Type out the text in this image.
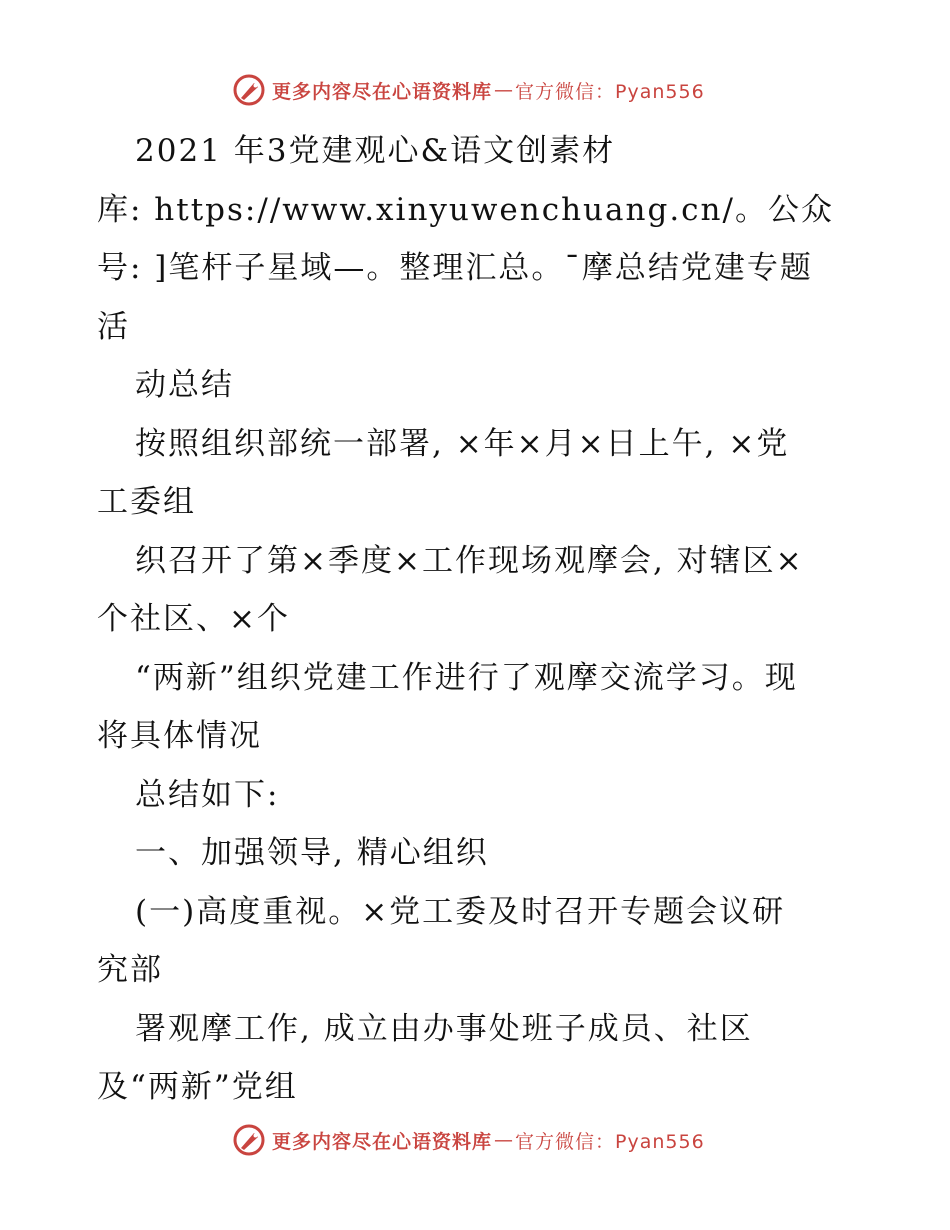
更多内容尽在心语资料库 — 官方微信：Pyan556
2021 年3党建观心&语文创素材
库: https://www.xinyuwenchuang.cn/。公众
号: ]笔杆子星域—。整理汇总。¯摩总结党建专题
活
动总结
按照组织部统一部署, ×年×月×日上午, ×党
工委组
织召开了第×季度×工作现场观摩会, 对辖区×
个社区、×个
“两新”组织党建工作进行了观摩交流学习。现
将具体情况
总结如下:
一、加强领导, 精心组织
(一)高度重视。×党工委及时召开专题会议研
究部
署观摩工作, 成立由办事处班子成员、社区
及“两新”党组
更多内容尽在心语资料库 — 官方微信：Pyan556
